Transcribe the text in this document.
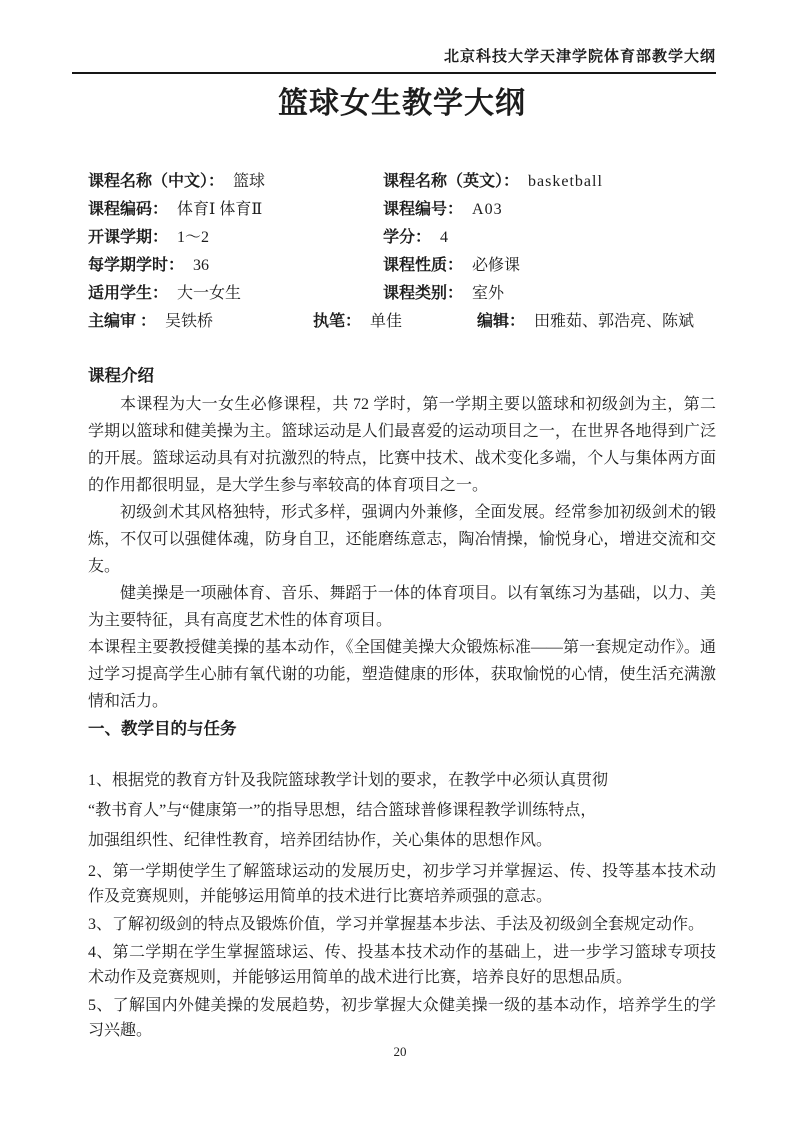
北京科技大学天津学院体育部教学大纲
篮球女生教学大纲
课程名称（中文）： 篮球	课程名称（英文）： basketball
课程编码： 体育Ⅰ 体育Ⅱ	课程编号： A03
开课学期： 1～2	学分： 4
每学期学时： 36	课程性质： 必修课
适用学生： 大一女生	课程类别： 室外
主编审 ： 吴铁桥	执笔： 单佳	编辑： 田雅茹、郭浩亮、陈斌
课程介绍

本课程为大一女生必修课程，共 72 学时，第一学期主要以篮球和初级剑为主，第二学期以篮球和健美操为主。篮球运动是人们最喜爱的运动项目之一，在世界各地得到广泛的开展。篮球运动具有对抗激烈的特点，比赛中技术、战术变化多端，个人与集体两方面的作用都很明显，是大学生参与率较高的体育项目之一。

初级剑术其风格独特，形式多样，强调内外兼修，全面发展。经常参加初级剑术的锻炼，不仅可以强健体魂，防身自卫，还能磨练意志，陶冶情操，愉悦身心，增进交流和交友。

健美操是一项融体育、音乐、舞蹈于一体的体育项目。以有氧练习为基础，以力、美为主要特征，具有高度艺术性的体育项目。

本课程主要教授健美操的基本动作，《全国健美操大众锻炼标准——第一套规定动作》。通过学习提高学生心肺有氧代谢的功能，塑造健康的形体，获取愉悦的心情，使生活充满激情和活力。

一、教学目的与任务
1、根据党的教育方针及我院篮球教学计划的要求，在教学中必须认真贯彻
“教书育人”与“健康第一”的指导思想，结合篮球普修课程教学训练特点，
加强组织性、纪律性教育，培养团结协作，关心集体的思想作风。
2、第一学期使学生了解篮球运动的发展历史，初步学习并掌握运、传、投等基本技术动作及竞赛规则，并能够运用简单的技术进行比赛培养顽强的意志。
3、了解初级剑的特点及锻炼价值，学习并掌握基本步法、手法及初级剑全套规定动作。
4、第二学期在学生掌握篮球运、传、投基本技术动作的基础上，进一步学习篮球专项技术动作及竞赛规则，并能够运用简单的战术进行比赛，培养良好的思想品质。
5、了解国内外健美操的发展趋势，初步掌握大众健美操一级的基本动作，培养学生的学习兴趣。
20
